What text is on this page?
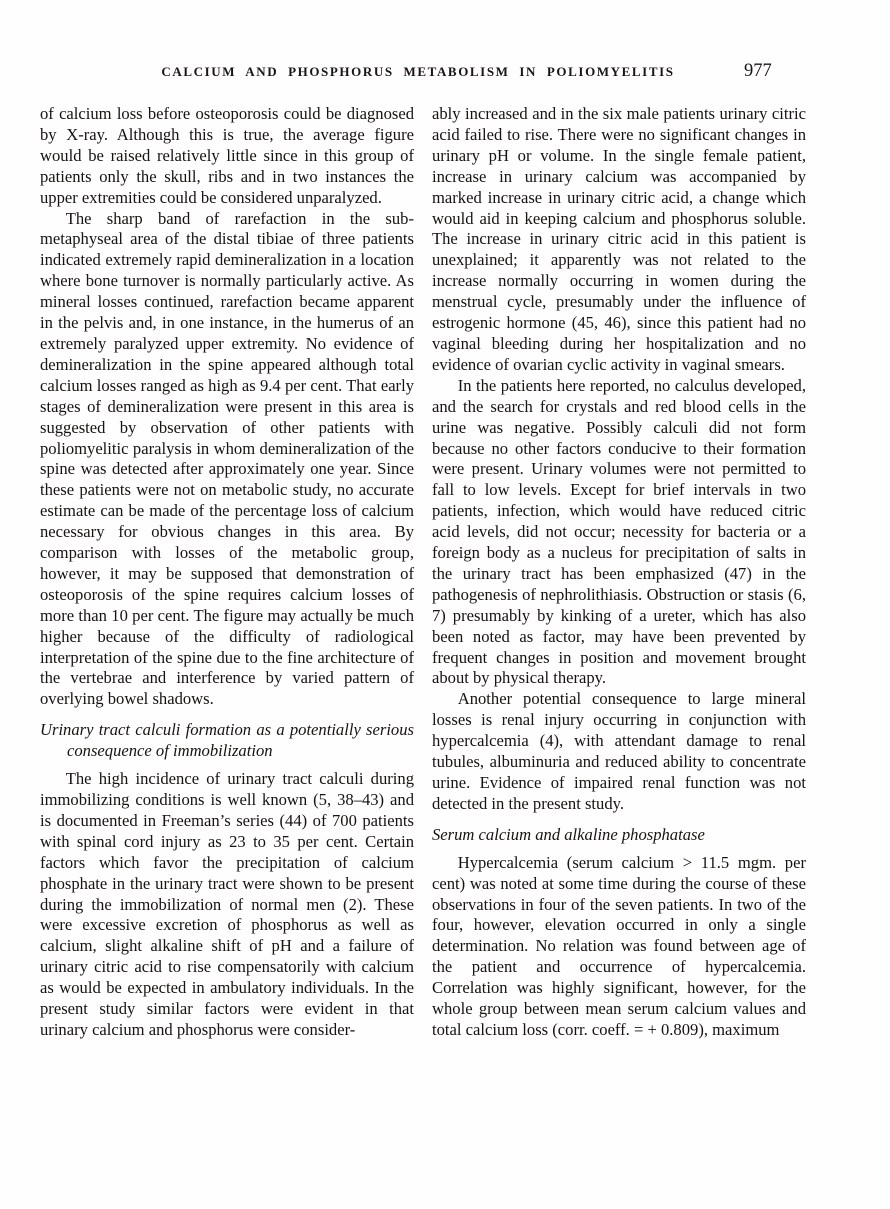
CALCIUM AND PHOSPHORUS METABOLISM IN POLIOMYELITIS	977

of calcium loss before osteoporosis could be diagnosed by X-ray. Although this is true, the average figure would be raised relatively little since in this group of patients only the skull, ribs and in two instances the upper extremities could be considered unparalyzed.

The sharp band of rarefaction in the sub-metaphyseal area of the distal tibiae of three patients indicated extremely rapid demineralization in a location where bone turnover is normally particularly active. As mineral losses continued, rarefaction became apparent in the pelvis and, in one instance, in the humerus of an extremely paralyzed upper extremity. No evidence of demineralization in the spine appeared although total calcium losses ranged as high as 9.4 per cent. That early stages of demineralization were present in this area is suggested by observation of other patients with poliomyelitic paralysis in whom demineralization of the spine was detected after approximately one year. Since these patients were not on metabolic study, no accurate estimate can be made of the percentage loss of calcium necessary for obvious changes in this area. By comparison with losses of the metabolic group, however, it may be supposed that demonstration of osteoporosis of the spine requires calcium losses of more than 10 per cent. The figure may actually be much higher because of the difficulty of radiological interpretation of the spine due to the fine architecture of the vertebrae and interference by varied pattern of overlying bowel shadows.

Urinary tract calculi formation as a potentially serious consequence of immobilization

The high incidence of urinary tract calculi during immobilizing conditions is well known (5, 38–43) and is documented in Freeman’s series (44) of 700 patients with spinal cord injury as 23 to 35 per cent. Certain factors which favor the precipitation of calcium phosphate in the urinary tract were shown to be present during the immobilization of normal men (2). These were excessive excretion of phosphorus as well as calcium, slight alkaline shift of pH and a failure of urinary citric acid to rise compensatorily with calcium as would be expected in ambulatory individuals. In the present study similar factors were evident in that urinary calcium and phosphorus were consider-

ably increased and in the six male patients urinary citric acid failed to rise. There were no significant changes in urinary pH or volume. In the single female patient, increase in urinary calcium was accompanied by marked increase in urinary citric acid, a change which would aid in keeping calcium and phosphorus soluble. The increase in urinary citric acid in this patient is unexplained; it apparently was not related to the increase normally occurring in women during the menstrual cycle, presumably under the influence of estrogenic hormone (45, 46), since this patient had no vaginal bleeding during her hospitalization and no evidence of ovarian cyclic activity in vaginal smears.

In the patients here reported, no calculus developed, and the search for crystals and red blood cells in the urine was negative. Possibly calculi did not form because no other factors conducive to their formation were present. Urinary volumes were not permitted to fall to low levels. Except for brief intervals in two patients, infection, which would have reduced citric acid levels, did not occur; necessity for bacteria or a foreign body as a nucleus for precipitation of salts in the urinary tract has been emphasized (47) in the pathogenesis of nephrolithiasis. Obstruction or stasis (6, 7) presumably by kinking of a ureter, which has also been noted as factor, may have been prevented by frequent changes in position and movement brought about by physical therapy.

Another potential consequence to large mineral losses is renal injury occurring in conjunction with hypercalcemia (4), with attendant damage to renal tubules, albuminuria and reduced ability to concentrate urine. Evidence of impaired renal function was not detected in the present study.

Serum calcium and alkaline phosphatase

Hypercalcemia (serum calcium > 11.5 mgm. per cent) was noted at some time during the course of these observations in four of the seven patients. In two of the four, however, elevation occurred in only a single determination. No relation was found between age of the patient and occurrence of hypercalcemia. Correlation was highly significant, however, for the whole group between mean serum calcium values and total calcium loss (corr. coeff. = + 0.809), maximum
